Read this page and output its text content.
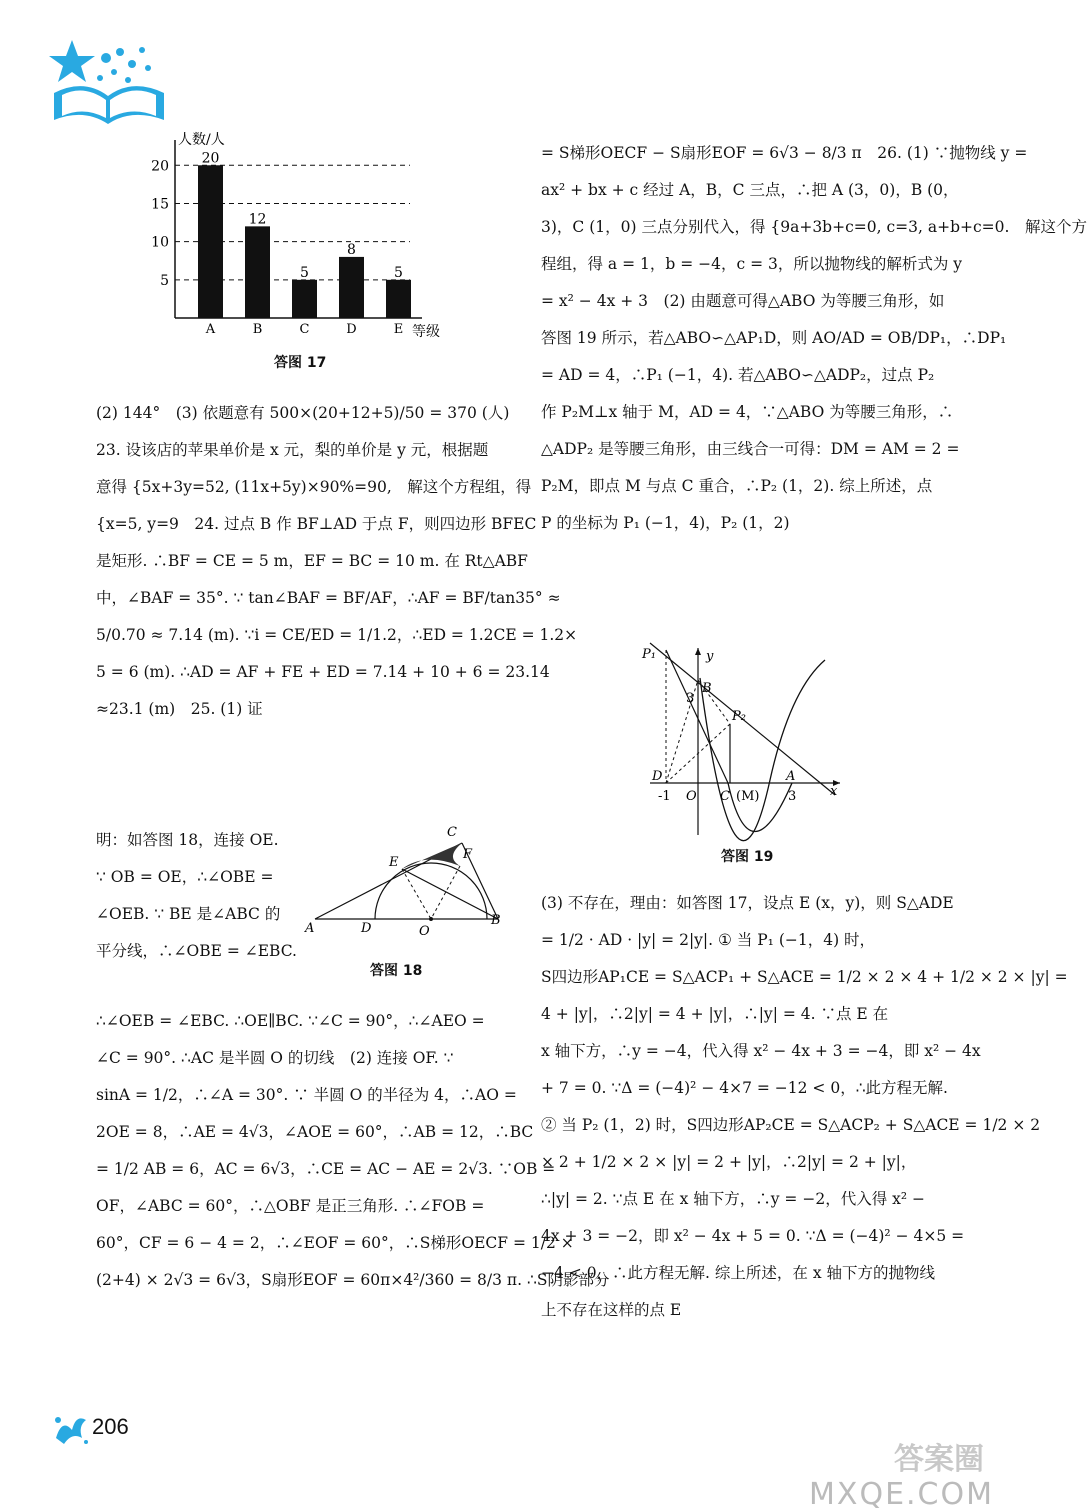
20
12
5
8
5
5
10
15
20
A	B	C	D	E
人数/人
等级
答图 17
(2) 144°　(3) 依题意有 500×(20+12+5)/50 = 370 (人)
23. 设该店的苹果单价是 x 元，梨的单价是 y 元，根据题
意得 {5x+3y=52, (11x+5y)×90%=90,　解这个方程组，得
{x=5, y=9　24. 过点 B 作 BF⊥AD 于点 F，则四边形 BFEC
是矩形. ∴BF = CE = 5 m，EF = BC = 10 m. 在 Rt△ABF
中，∠BAF = 35°. ∵ tan∠BAF = BF/AF，∴AF = BF/tan35° ≈
5/0.70 ≈ 7.14 (m). ∵i = CE/ED = 1/1.2，∴ED = 1.2CE = 1.2×
5 = 6 (m). ∴AD = AF + FE + ED = 7.14 + 10 + 6 = 23.14
≈23.1 (m)　25. (1) 证
明：如答图 18，连接 OE.
∵ OB = OE，∴∠OBE =
∠OEB. ∵ BE 是∠ABC 的
平分线，∴∠OBE = ∠EBC.
A	D	O
B
C
E
F
答图 18
∴∠OEB = ∠EBC. ∴OE∥BC. ∵∠C = 90°，∴∠AEO =
∠C = 90°. ∴AC 是半圆 O 的切线　(2) 连接 OF. ∵
sinA = 1/2，∴∠A = 30°. ∵ 半圆 O 的半径为 4，∴AO =
2OE = 8，∴AE = 4√3，∠AOE = 60°，∴AB = 12，∴BC
= 1/2 AB = 6，AC = 6√3，∴CE = AC − AE = 2√3. ∵OB =
OF，∠ABC = 60°，∴△OBF 是正三角形. ∴∠FOB =
60°，CF = 6 − 4 = 2，∴∠EOF = 60°，∴S梯形OECF = 1/2 ×
(2+4) × 2√3 = 6√3，S扇形EOF = 60π×4²/360 = 8/3 π. ∴S阴影部分
= S梯形OECF − S扇形EOF = 6√3 − 8/3 π　26. (1) ∵抛物线 y =
ax² + bx + c 经过 A，B，C 三点，∴把 A (3，0)，B (0，
3)，C (1，0) 三点分别代入，得 {9a+3b+c=0, c=3, a+b+c=0.　解这个方
程组，得 a = 1，b = −4，c = 3，所以抛物线的解析式为 y
= x² − 4x + 3　(2) 由题意可得△ABO 为等腰三角形，如
答图 19 所示，若△ABO∽△AP₁D，则 AO/AD = OB/DP₁，∴DP₁
= AD = 4，∴P₁ (−1，4). 若△ABO∽△ADP₂，过点 P₂
作 P₂M⊥x 轴于 M，AD = 4，∵△ABO 为等腰三角形，∴
△ADP₂ 是等腰三角形，由三线合一可得：DM = AM = 2 =
P₂M，即点 M 与点 C 重合，∴P₂ (1，2). 综上所述，点
P 的坐标为 P₁ (−1，4)，P₂ (1，2)
P₁	y
B
3
P₂
D
-1 O C (M)
A
3	x
答图 19
(3) 不存在，理由：如答图 17，设点 E (x，y)，则 S△ADE
= 1/2 · AD · |y| = 2|y|. ① 当 P₁ (−1，4) 时，
S四边形AP₁CE = S△ACP₁ + S△ACE = 1/2 × 2 × 4 + 1/2 × 2 × |y| =
4 + |y|，∴2|y| = 4 + |y|，∴|y| = 4. ∵点 E 在
x 轴下方，∴y = −4，代入得 x² − 4x + 3 = −4，即 x² − 4x
+ 7 = 0. ∵Δ = (−4)² − 4×7 = −12 < 0，∴此方程无解.
② 当 P₂ (1，2) 时，S四边形AP₂CE = S△ACP₂ + S△ACE = 1/2 × 2
× 2 + 1/2 × 2 × |y| = 2 + |y|，∴2|y| = 2 + |y|，
∴|y| = 2. ∵点 E 在 x 轴下方，∴y = −2，代入得 x² −
4x + 3 = −2，即 x² − 4x + 5 = 0. ∵Δ = (−4)² − 4×5 =
−4 < 0，∴此方程无解. 综上所述，在 x 轴下方的抛物线
上不存在这样的点 E
206
答案圈
MXQE.COM
